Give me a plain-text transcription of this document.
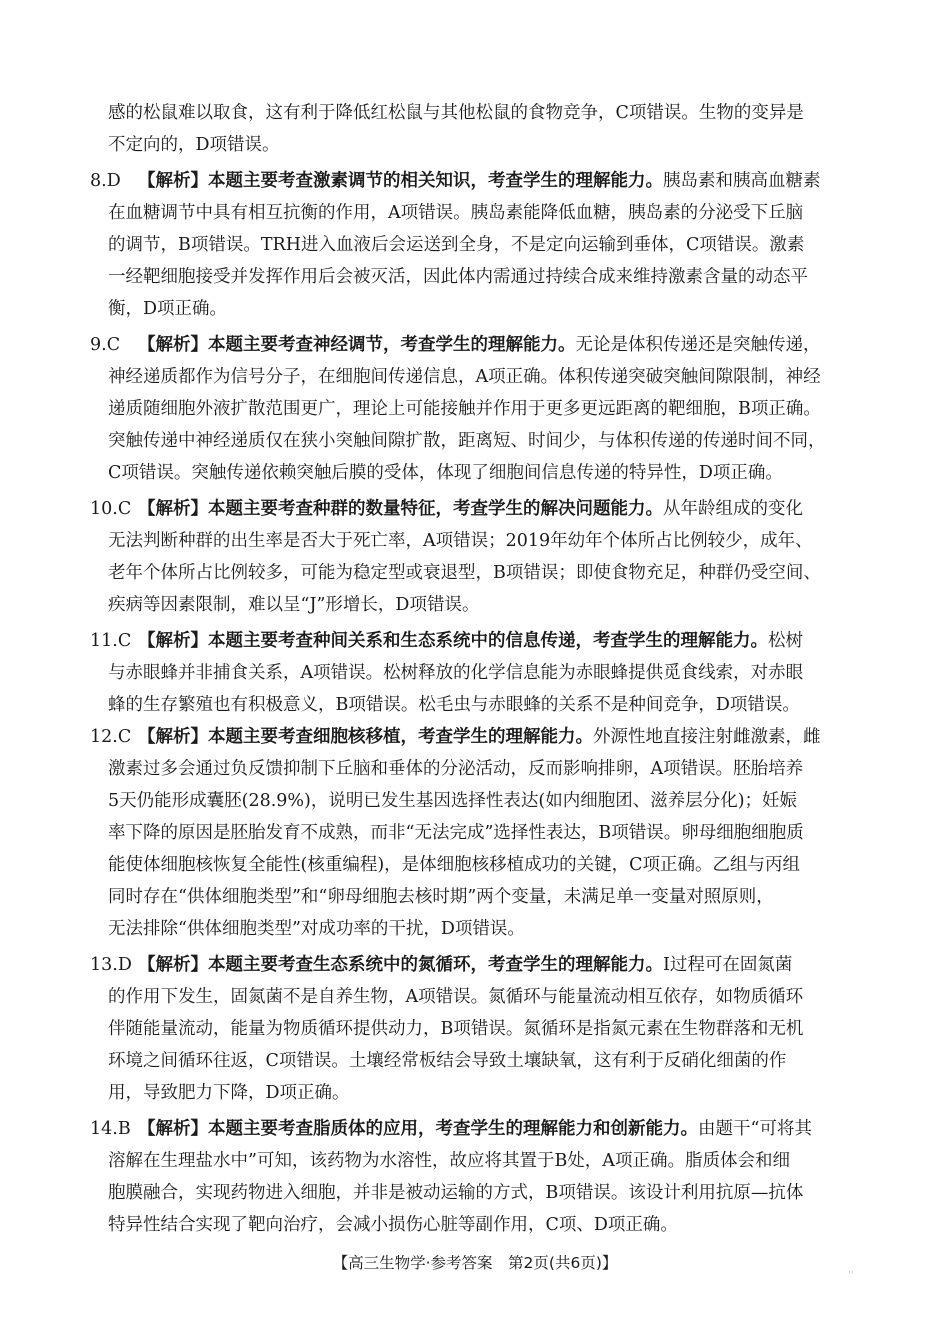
感的松鼠难以取食，这有利于降低红松鼠与其他松鼠的食物竞争，C项错误。生物的变异是
不定向的，D项错误。
8.D 【解析】本题主要考查激素调节的相关知识，考查学生的理解能力。胰岛素和胰高血糖素
在血糖调节中具有相互抗衡的作用，A项错误。胰岛素能降低血糖，胰岛素的分泌受下丘脑
的调节，B项错误。TRH进入血液后会运送到全身，不是定向运输到垂体，C项错误。激素
一经靶细胞接受并发挥作用后会被灭活，因此体内需通过持续合成来维持激素含量的动态平
衡，D项正确。
9.C 【解析】本题主要考查神经调节，考查学生的理解能力。无论是体积传递还是突触传递，
神经递质都作为信号分子，在细胞间传递信息，A项正确。体积传递突破突触间隙限制，神经
递质随细胞外液扩散范围更广，理论上可能接触并作用于更多更远距离的靶细胞，B项正确。
突触传递中神经递质仅在狭小突触间隙扩散，距离短、时间少，与体积传递的传递时间不同，
C项错误。突触传递依赖突触后膜的受体，体现了细胞间信息传递的特异性，D项正确。
10.C 【解析】本题主要考查种群的数量特征，考查学生的解决问题能力。从年龄组成的变化
无法判断种群的出生率是否大于死亡率，A项错误；2019年幼年个体所占比例较少，成年、
老年个体所占比例较多，可能为稳定型或衰退型，B项错误；即使食物充足，种群仍受空间、
疾病等因素限制，难以呈“J”形增长，D项错误。
11.C 【解析】本题主要考查种间关系和生态系统中的信息传递，考查学生的理解能力。松树
与赤眼蜂并非捕食关系，A项错误。松树释放的化学信息能为赤眼蜂提供觅食线索，对赤眼
蜂的生存繁殖也有积极意义，B项错误。松毛虫与赤眼蜂的关系不是种间竞争，D项错误。
12.C 【解析】本题主要考查细胞核移植，考查学生的理解能力。外源性地直接注射雌激素，雌
激素过多会通过负反馈抑制下丘脑和垂体的分泌活动，反而影响排卵，A项错误。胚胎培养
5天仍能形成囊胚(28.9%)，说明已发生基因选择性表达(如内细胞团、滋养层分化)；妊娠
率下降的原因是胚胎发育不成熟，而非“无法完成”选择性表达，B项错误。卵母细胞细胞质
能使体细胞核恢复全能性(核重编程)，是体细胞核移植成功的关键，C项正确。乙组与丙组
同时存在“供体细胞类型”和“卵母细胞去核时期”两个变量，未满足单一变量对照原则，
无法排除“供体细胞类型”对成功率的干扰，D项错误。
13.D 【解析】本题主要考查生态系统中的氮循环，考查学生的理解能力。Ⅰ过程可在固氮菌
的作用下发生，固氮菌不是自养生物，A项错误。氮循环与能量流动相互依存，如物质循环
伴随能量流动，能量为物质循环提供动力，B项错误。氮循环是指氮元素在生物群落和无机
环境之间循环往返，C项错误。土壤经常板结会导致土壤缺氧，这有利于反硝化细菌的作
用，导致肥力下降，D项正确。
14.B 【解析】本题主要考查脂质体的应用，考查学生的理解能力和创新能力。由题干“可将其
溶解在生理盐水中”可知，该药物为水溶性，故应将其置于B处，A项正确。脂质体会和细
胞膜融合，实现药物进入细胞，并非是被动运输的方式，B项错误。该设计利用抗原—抗体
特异性结合实现了靶向治疗，会减小损伤心脏等副作用，C项、D项正确。
【高三生物学·参考答案　第2页(共6页)】
··
